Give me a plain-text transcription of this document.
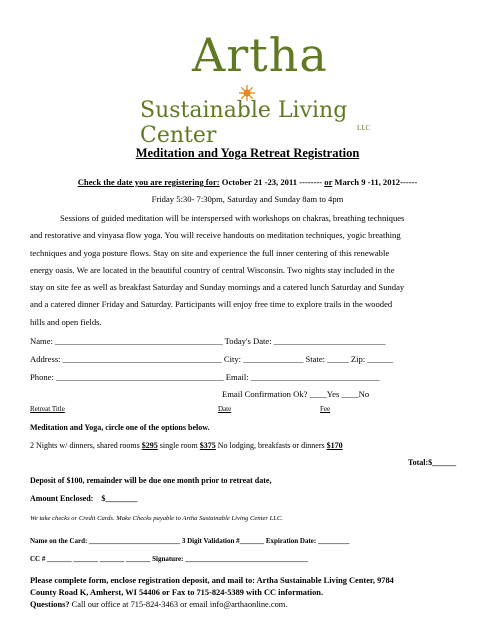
Artha
Sustainable Living Center	LLC
Meditation and Yoga Retreat Registration
Check the date you are registering for: October 21 -23, 2011 -------- or March 9 -11, 2012------
Friday 5:30- 7:30pm, Saturday and Sunday 8am to 4pm
Sessions of guided meditation will be interspersed with workshops on chakras, breathing techniques
and restorative and vinyasa flow yoga. You will receive handouts on meditation techniques, yogic breathing
techniques and yoga posture flows. Stay on site and experience the full inner centering of this renewable
energy oasis. We are located in the beautiful country of central Wisconsin. Two nights stay included in the
stay on site fee as well as breakfast Saturday and Sunday mornings and a catered lunch Saturday and Sunday
and a catered dinner Friday and Saturday. Participants will enjoy free time to explore trails in the wooded
hills and open fields.
Name: _______________________________________ Today's Date: __________________________
Address: _____________________________________ City: ______________ State: _____ Zip: ______
Phone: _______________________________________ Email: ______________________________
Email Confirmation Ok? ____Yes ____No
Retreat Title	Date	Fee
Meditation and Yoga, circle one of the options below.
2 Nights w/ dinners, shared rooms $295 single room $375 No lodging, breakfasts or dinners $170
Total:$______
Deposit of $100, remainder will be due one month prior to retreat date,
Amount Enclosed: $________
We take checks or Credit Cards. Make Checks payable to Artha Sustainable Living Center LLC.
Name on the Card: __________________________ 3 Digit Validation #_______ Expiration Date: _________
CC # _______ _______ _______ _______ Signature: ___________________________________
Please complete form, enclose registration deposit, and mail to: Artha Sustainable Living Center, 9784
County Road K, Amherst, WI 54406 or Fax to 715-824-5389 with CC information.
Questions? Call our office at 715-824-3463 or email info@arthaonline.com.
